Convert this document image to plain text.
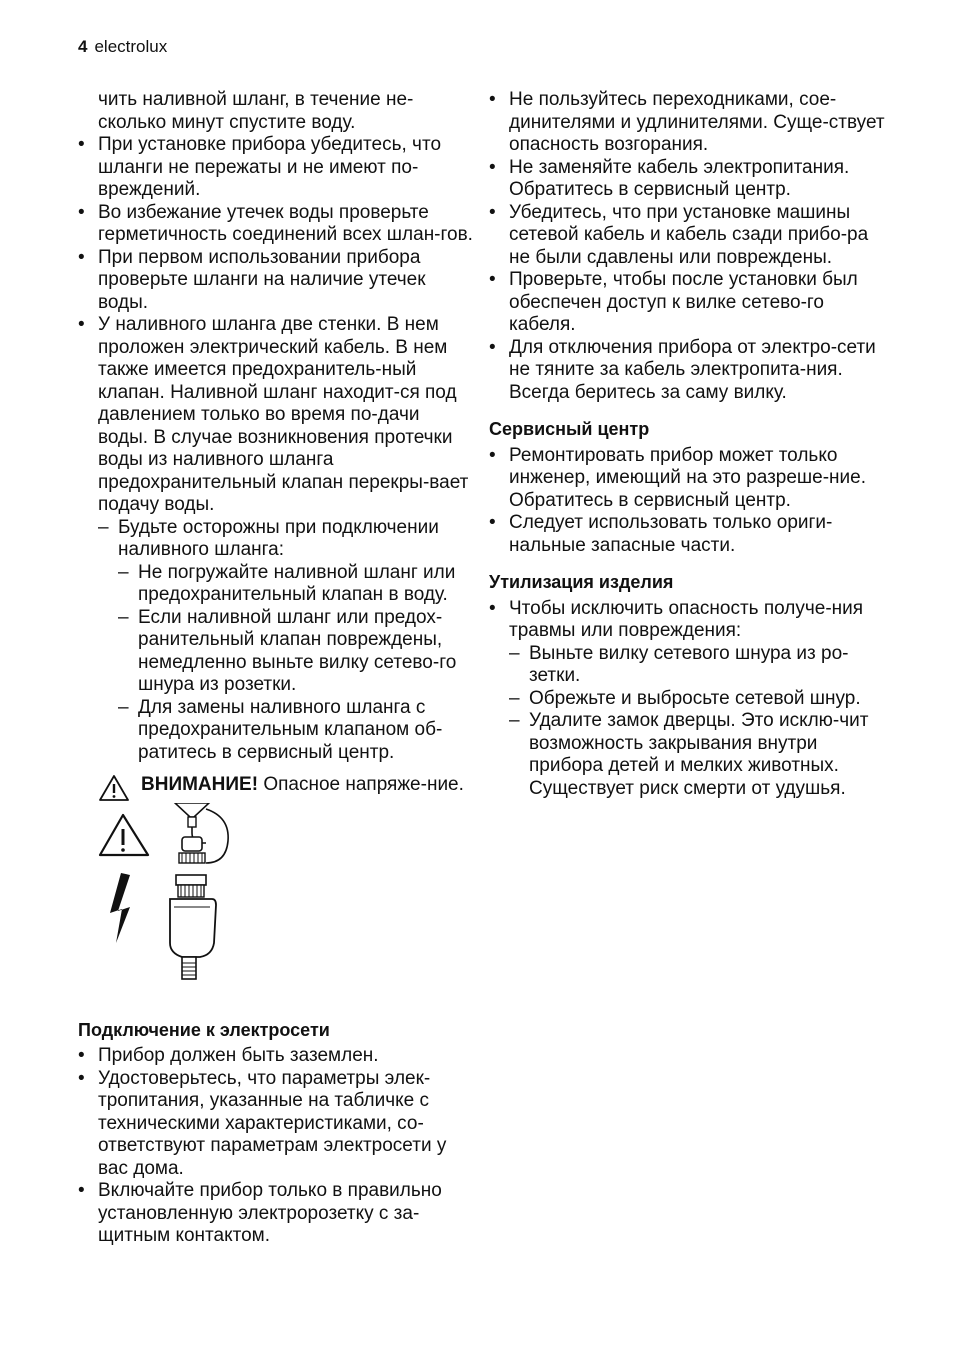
4 electrolux
чить наливной шланг, в течение не-сколько минут спустите воду.
• При установке прибора убедитесь, что шланги не пережаты и не имеют по-вреждений.
• Во избежание утечек воды проверьте герметичность соединений всех шлан-гов.
• При первом использовании прибора проверьте шланги на наличие утечек воды.
• У наливного шланга две стенки. В нем проложен электрический кабель. В нем также имеется предохранитель-ный клапан. Наливной шланг находит-ся под давлением только во время по-дачи воды. В случае возникновения протечки воды из наливного шланга предохранительный клапан перекры-вает подачу воды.
– Будьте осторожны при подключении наливного шланга:
– Не погружайте наливной шланг или предохранительный клапан в воду.
– Если наливной шланг или предох-ранительный клапан повреждены, немедленно выньте вилку сетево-го шнура из розетки.
– Для замены наливного шланга с предохранительным клапаном об-ратитесь в сервисный центр.
ВНИМАНИЕ! Опасное напряже-ние.
Подключение к электросети
• Прибор должен быть заземлен.
• Удостоверьтесь, что параметры элек-тропитания, указанные на табличке с техническими характеристиками, со-ответствуют параметрам электросети у вас дома.
• Включайте прибор только в правильно установленную электророзетку с за-щитным контактом.
• Не пользуйтесь переходниками, сое-динителями и удлинителями. Суще-ствует опасность возгорания.
• Не заменяйте кабель электропитания. Обратитесь в сервисный центр.
• Убедитесь, что при установке машины сетевой кабель и кабель сзади прибо-ра не были сдавлены или повреждены.
• Проверьте, чтобы после установки был обеспечен доступ к вилке сетево-го кабеля.
• Для отключения прибора от электро-сети не тяните за кабель электропита-ния. Всегда беритесь за саму вилку.
Сервисный центр
• Ремонтировать прибор может только инженер, имеющий на это разреше-ние. Обратитесь в сервисный центр.
• Следует использовать только ориги-нальные запасные части.
Утилизация изделия
• Чтобы исключить опасность получе-ния травмы или повреждения:
– Выньте вилку сетевого шнура из ро-зетки.
– Обрежьте и выбросьте сетевой шнур.
– Удалите замок дверцы. Это исклю-чит возможность закрывания внутри прибора детей и мелких животных. Существует риск смерти от удушья.
